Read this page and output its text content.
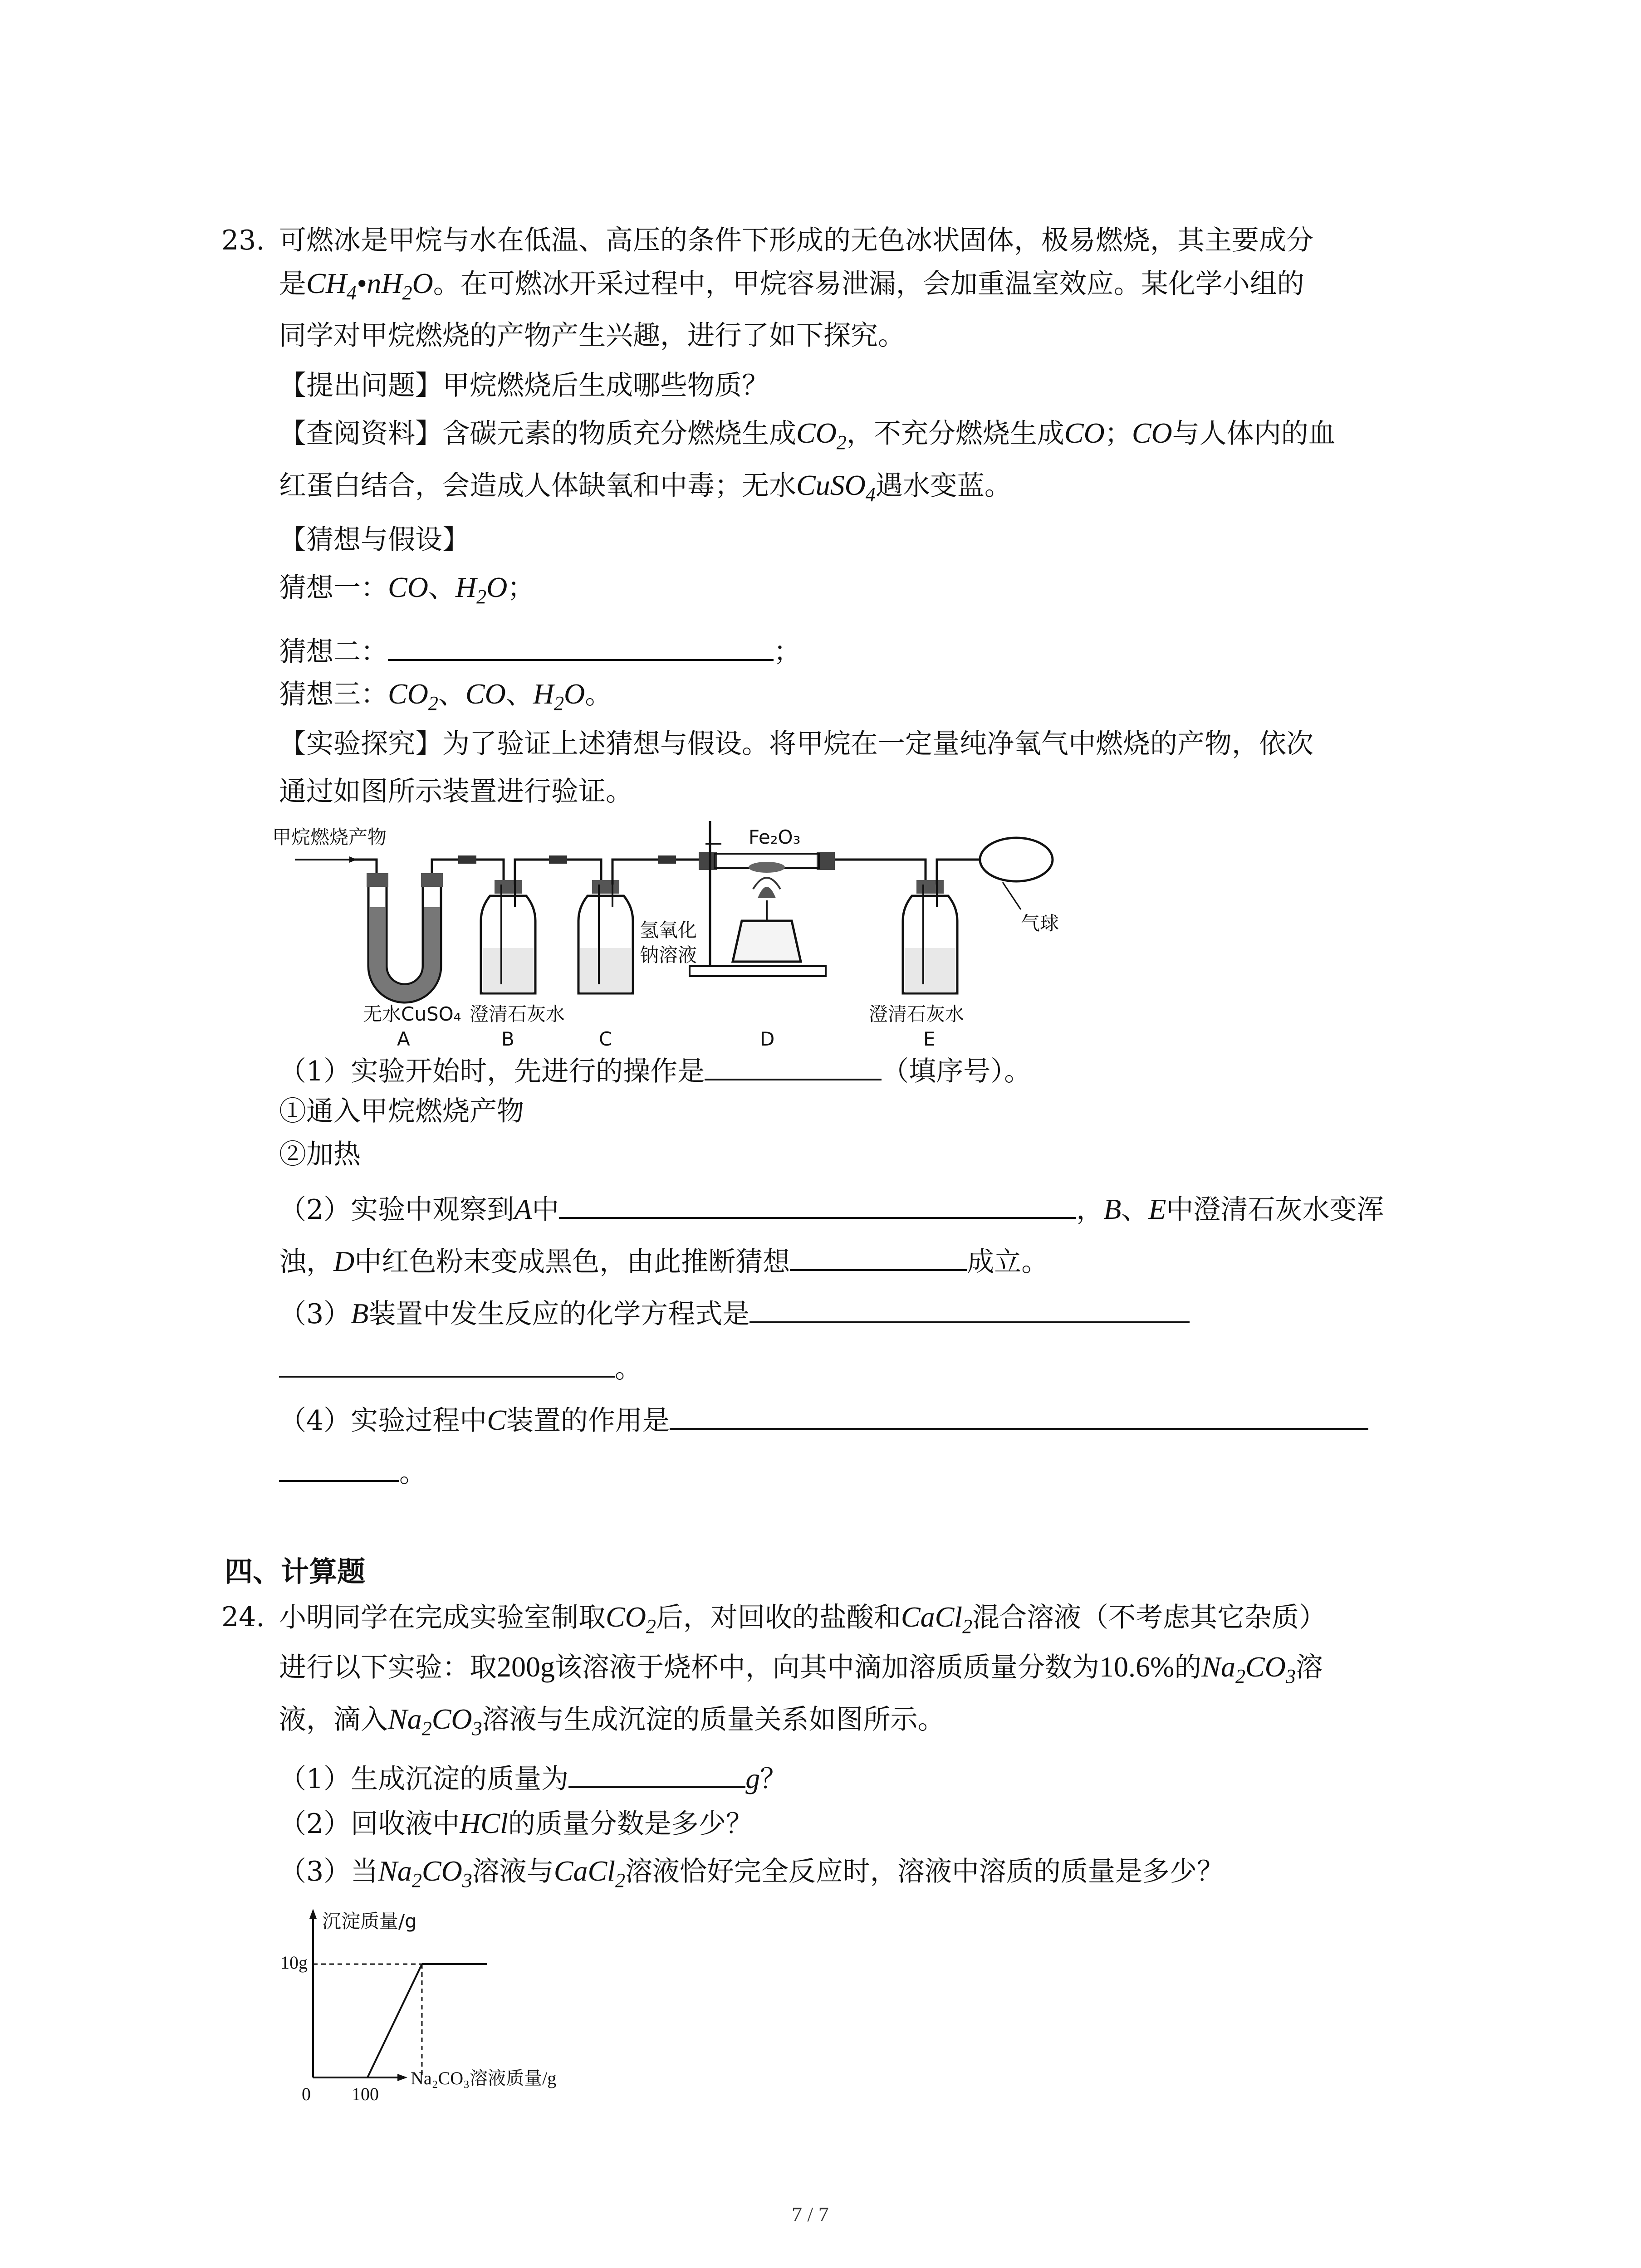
23. 可燃冰是甲烷与水在低温、高压的条件下形成的无色冰状固体，极易燃烧，其主要成分
是$CH_4•nH_2O$。在可燃冰开采过程中，甲烷容易泄漏，会加重温室效应。某化学小组的
同学对甲烷燃烧的产物产生兴趣，进行了如下探究。
【提出问题】甲烷燃烧后生成哪些物质？
【查阅资料】含碳元素的物质充分燃烧生成$CO_2$，不充分燃烧生成CO；CO与人体内的血
红蛋白结合，会造成人体缺氧和中毒；无水CuSO$_4$遇水变蓝。
【猜想与假设】
猜想一：CO、$H_2O$；
猜想二：	；
猜想三：$CO_2$、CO、$H_2O$。
【实验探究】为了验证上述猜想与假设。将甲烷在一定量纯净氧气中燃烧的产物，依次
通过如图所示装置进行验证。
甲烷燃烧产物
无水CuSO₄
A
澄清石灰水
B
氢氧化
钠溶液
C
Fe₂O₃
D
澄清石灰水
E
气球
（1）实验开始时，先进行的操作是	（填序号）。
①通入甲烷燃烧产物
②加热
（2）实验中观察到A中	，B、E中澄清石灰水变浑
浊，D中红色粉末变成黑色，由此推断猜想	成立。
（3）B装置中发生反应的化学方程式是
。
（4）实验过程中C装置的作用是
。
四、计算题
24. 小明同学在完成实验室制取$CO_2$后，对回收的盐酸和CaCl$_2$混合溶液（不考虑其它杂质）
进行以下实验：取200g该溶液于烧杯中，向其中滴加溶质质量分数为10.6%的$Na_2CO_3$溶
液，滴入$Na_2CO_3$溶液与生成沉淀的质量关系如图所示。
（1）生成沉淀的质量为	g？
（2）回收液中HCl的质量分数是多少？
（3）当$Na_2CO_3$溶液与CaCl$_2$溶液恰好完全反应时，溶液中溶质的质量是多少？
沉淀质量/g
Na₂CO₃溶液质量/g
0 100
10g
7 / 7
